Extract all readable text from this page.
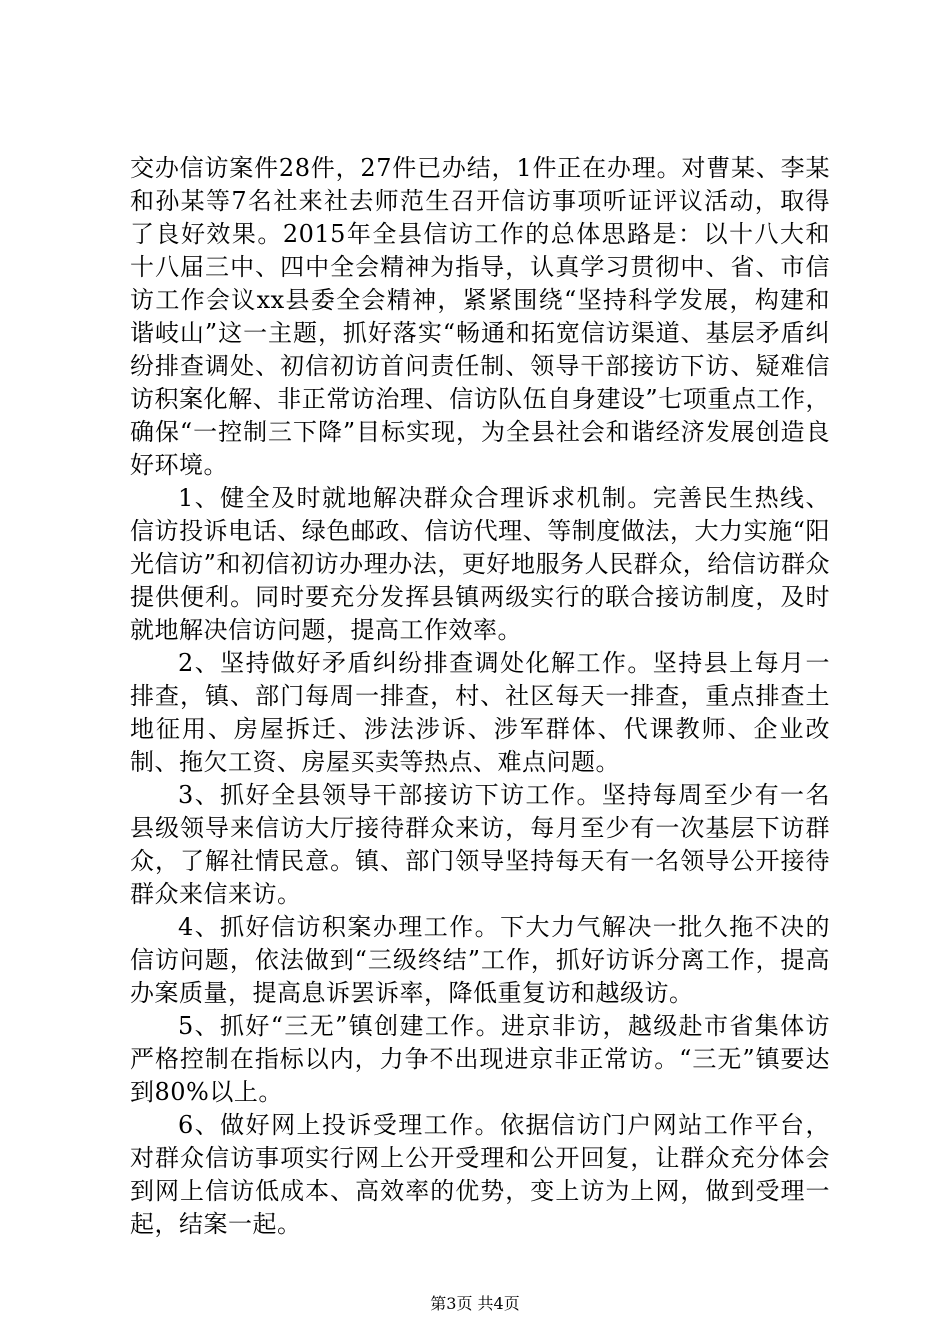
交办信访案件28件，27件已办结，1件正在办理。对曹某、李某和孙某等7名社来社去师范生召开信访事项听证评议活动，取得了良好效果。2015年全县信访工作的总体思路是：以十八大和十八届三中、四中全会精神为指导，认真学习贯彻中、省、市信访工作会议xx县委全会精神，紧紧围绕“坚持科学发展，构建和谐岐山”这一主题，抓好落实“畅通和拓宽信访渠道、基层矛盾纠纷排查调处、初信初访首问责任制、领导干部接访下访、疑难信访积案化解、非正常访治理、信访队伍自身建设”七项重点工作，确保“一控制三下降”目标实现，为全县社会和谐经济发展创造良好环境。

1、健全及时就地解决群众合理诉求机制。完善民生热线、信访投诉电话、绿色邮政、信访代理、等制度做法，大力实施“阳光信访”和初信初访办理办法，更好地服务人民群众，给信访群众提供便利。同时要充分发挥县镇两级实行的联合接访制度，及时就地解决信访问题，提高工作效率。

2、坚持做好矛盾纠纷排查调处化解工作。坚持县上每月一排查，镇、部门每周一排查，村、社区每天一排查，重点排查土地征用、房屋拆迁、涉法涉诉、涉军群体、代课教师、企业改制、拖欠工资、房屋买卖等热点、难点问题。

3、抓好全县领导干部接访下访工作。坚持每周至少有一名县级领导来信访大厅接待群众来访，每月至少有一次基层下访群众，了解社情民意。镇、部门领导坚持每天有一名领导公开接待群众来信来访。

4、抓好信访积案办理工作。下大力气解决一批久拖不决的信访问题，依法做到“三级终结”工作，抓好访诉分离工作，提高办案质量，提高息诉罢诉率，降低重复访和越级访。

5、抓好“三无”镇创建工作。进京非访，越级赴市省集体访严格控制在指标以内，力争不出现进京非正常访。“三无”镇要达到80%以上。

6、做好网上投诉受理工作。依据信访门户网站工作平台，对群众信访事项实行网上公开受理和公开回复，让群众充分体会到网上信访低成本、高效率的优势，变上访为上网，做到受理一起，结案一起。

第3页 共4页
